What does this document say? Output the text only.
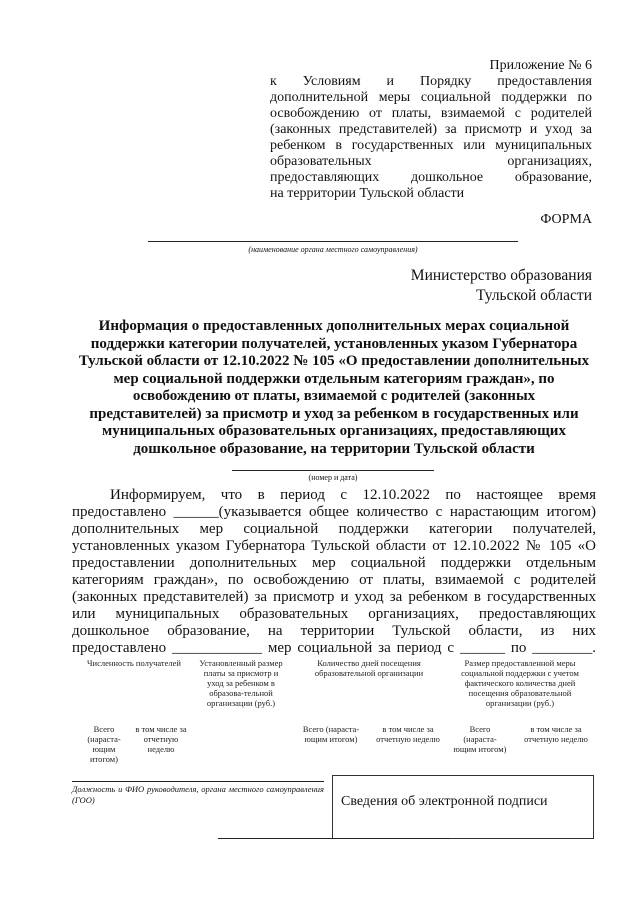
Приложение № 6
к Условиям и Порядку предоставления
дополнительной меры социальной поддержки по
освобождению от платы, взимаемой с родителей
(законных представителей) за присмотр и уход за
ребенком в государственных или муниципальных
образовательных организациях,
предоставляющих дошкольное образование,
на территории Тульской области
ФОРМА
(наименование органа местного самоуправления)
Министерство образования
Тульской области
Информация о предоставленных дополнительных мерах социальной
поддержки категории получателей, установленных указом Губернатора
Тульской области от 12.10.2022 № 105 «О предоставлении дополнительных
мер социальной поддержки отдельным категориям граждан», по
освобождению от платы, взимаемой с родителей (законных
представителей) за присмотр и уход за ребенком в государственных или
муниципальных образовательных организациях, предоставляющих
дошкольное образование, на территории Тульской области
(номер и дата)
Информируем, что в период с 12.10.2022 по настоящее время
предоставлено ______(указывается общее количество с нарастающим итогом)
дополнительных мер социальной поддержки категории получателей,
установленных указом Губернатора Тульской области от 12.10.2022 № 105 «О
предоставлении дополнительных мер социальной поддержки отдельным
категориям граждан», по освобождению от платы, взимаемой с родителей
(законных представителей) за присмотр и уход за ребенком в государственных
или муниципальных образовательных организациях, предоставляющих
дошкольное образование, на территории Тульской области, из них
предоставлено ____________ мер социальной за период с ______ по ________.
Численность получателей	Установленный размер платы за присмотр и уход за ребенком в образова-тельной организации (руб.)
Количество дней посещения образовательной организации
Размер предоставленной меры социальной поддержки с учетом фактического количества дней посещения образовательной организации (руб.)
Всего (нараста-ющим итогом)
в том числе за отчетную неделю
Всего (нараста-ющим итогом)
в том числе за отчетную неделю
Всего (нараста-ющим итогом)
в том числе за отчетную неделю
Должность и ФИО руководителя, органа местного самоуправления (ГОО)	Сведения об электронной подписи
